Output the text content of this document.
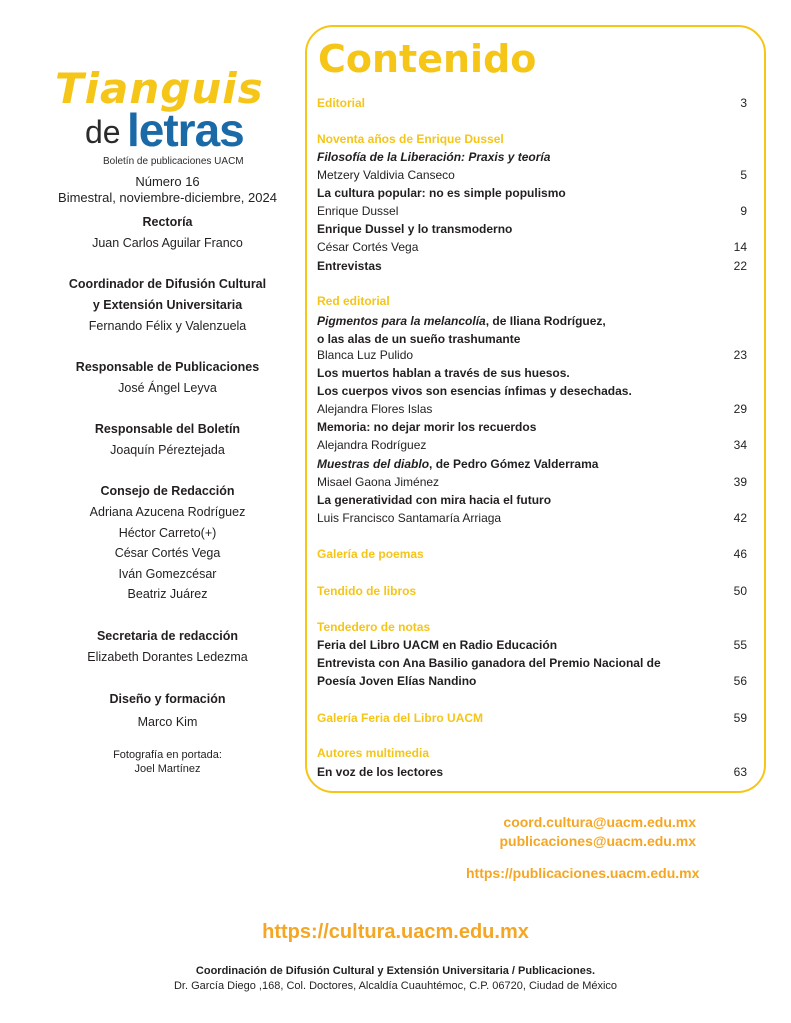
Tianguis
de letras
Boletín de publicaciones UACM
Número 16
Bimestral, noviembre-diciembre, 2024
Rectoría
Juan Carlos Aguilar Franco
Coordinador de Difusión Cultural
y Extensión Universitaria
Fernando Félix y Valenzuela
Responsable de Publicaciones
José Ángel Leyva
Responsable del Boletín
Joaquín Péreztejada
Consejo de Redacción
Adriana Azucena Rodríguez
Héctor Carreto(+)
César Cortés Vega
Iván Gomezcésar
Beatriz Juárez
Secretaria de redacción
Elizabeth Dorantes Ledezma
Diseño y formación
Marco Kim
Fotografía en portada:
Joel Martínez
Contenido
Editorial	3
Noventa años de Enrique Dussel
Filosofía de la Liberación: Praxis y teoría
Metzery Valdivia Canseco	5
La cultura popular: no es simple populismo
Enrique Dussel	9
Enrique Dussel y lo transmoderno
César Cortés Vega	14
Entrevistas	22
Red editorial
Pigmentos para la melancolía, de Iliana Rodríguez,
o las alas de un sueño trashumante
Blanca Luz Pulido	23
Los muertos hablan a través de sus huesos.
Los cuerpos vivos son esencias ínfimas y desechadas.
Alejandra Flores Islas	29
Memoria: no dejar morir los recuerdos
Alejandra Rodríguez	34
Muestras del diablo, de Pedro Gómez Valderrama
Misael Gaona Jiménez	39
La generatividad con mira hacia el futuro
Luis Francisco Santamaría Arriaga	42
Galería de poemas	46
Tendido de libros	50
Tendedero de notas
Feria del Libro UACM en Radio Educación	55
Entrevista con Ana Basilio ganadora del Premio Nacional de
Poesía Joven Elías Nandino	56
Galería Feria del Libro UACM	59
Autores multimedia
En voz de los lectores	63
coord.cultura@uacm.edu.mx
publicaciones@uacm.edu.mx
https://publicaciones.uacm.edu.mx
https://cultura.uacm.edu.mx
Coordinación de Difusión Cultural y Extensión Universitaria / Publicaciones.
Dr. García Diego ,168, Col. Doctores, Alcaldía Cuauhtémoc, C.P. 06720, Ciudad de México
